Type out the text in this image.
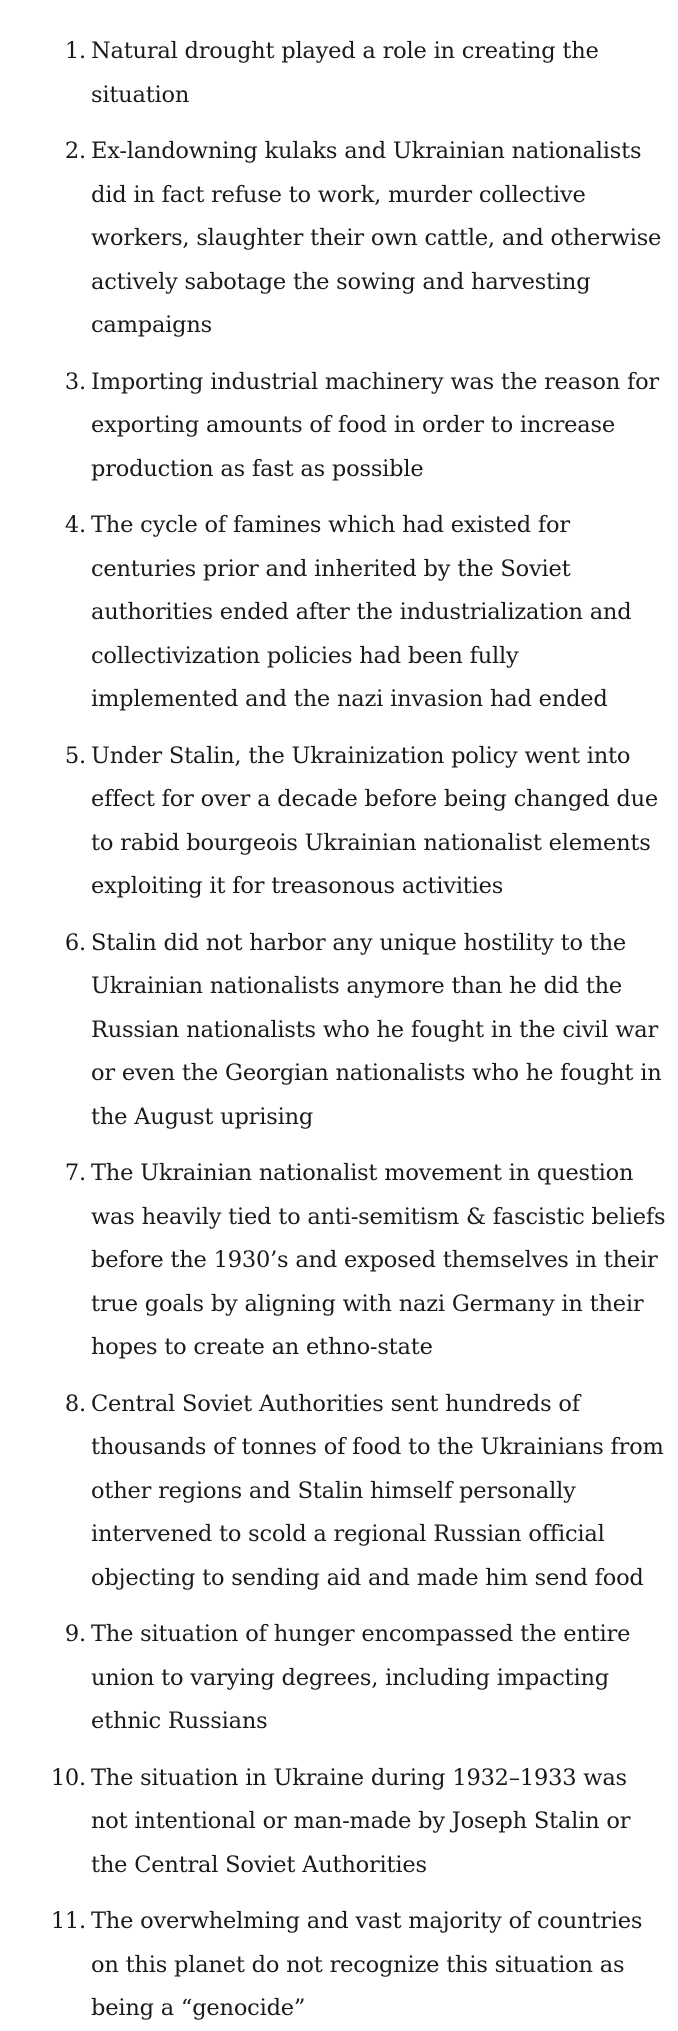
1. Natural drought played a role in creating the situation
2. Ex-landowning kulaks and Ukrainian nationalists did in fact refuse to work, murder collective workers, slaughter their own cattle, and otherwise actively sabotage the sowing and harvesting campaigns
3. Importing industrial machinery was the reason for exporting amounts of food in order to increase production as fast as possible
4. The cycle of famines which had existed for centuries prior and inherited by the Soviet authorities ended after the industrialization and collectivization policies had been fully implemented and the nazi invasion had ended
5. Under Stalin, the Ukrainization policy went into effect for over a decade before being changed due to rabid bourgeois Ukrainian nationalist elements exploiting it for treasonous activities
6. Stalin did not harbor any unique hostility to the Ukrainian nationalists anymore than he did the Russian nationalists who he fought in the civil war or even the Georgian nationalists who he fought in the August uprising
7. The Ukrainian nationalist movement in question was heavily tied to anti-semitism & fascistic beliefs before the 1930’s and exposed themselves in their true goals by aligning with nazi Germany in their hopes to create an ethno-state
8. Central Soviet Authorities sent hundreds of thousands of tonnes of food to the Ukrainians from other regions and Stalin himself personally intervened to scold a regional Russian official objecting to sending aid and made him send food
9. The situation of hunger encompassed the entire union to varying degrees, including impacting ethnic Russians
10. The situation in Ukraine during 1932–1933 was not intentional or man-made by Joseph Stalin or the Central Soviet Authorities
11. The overwhelming and vast majority of countries on this planet do not recognize this situation as being a “genocide”
